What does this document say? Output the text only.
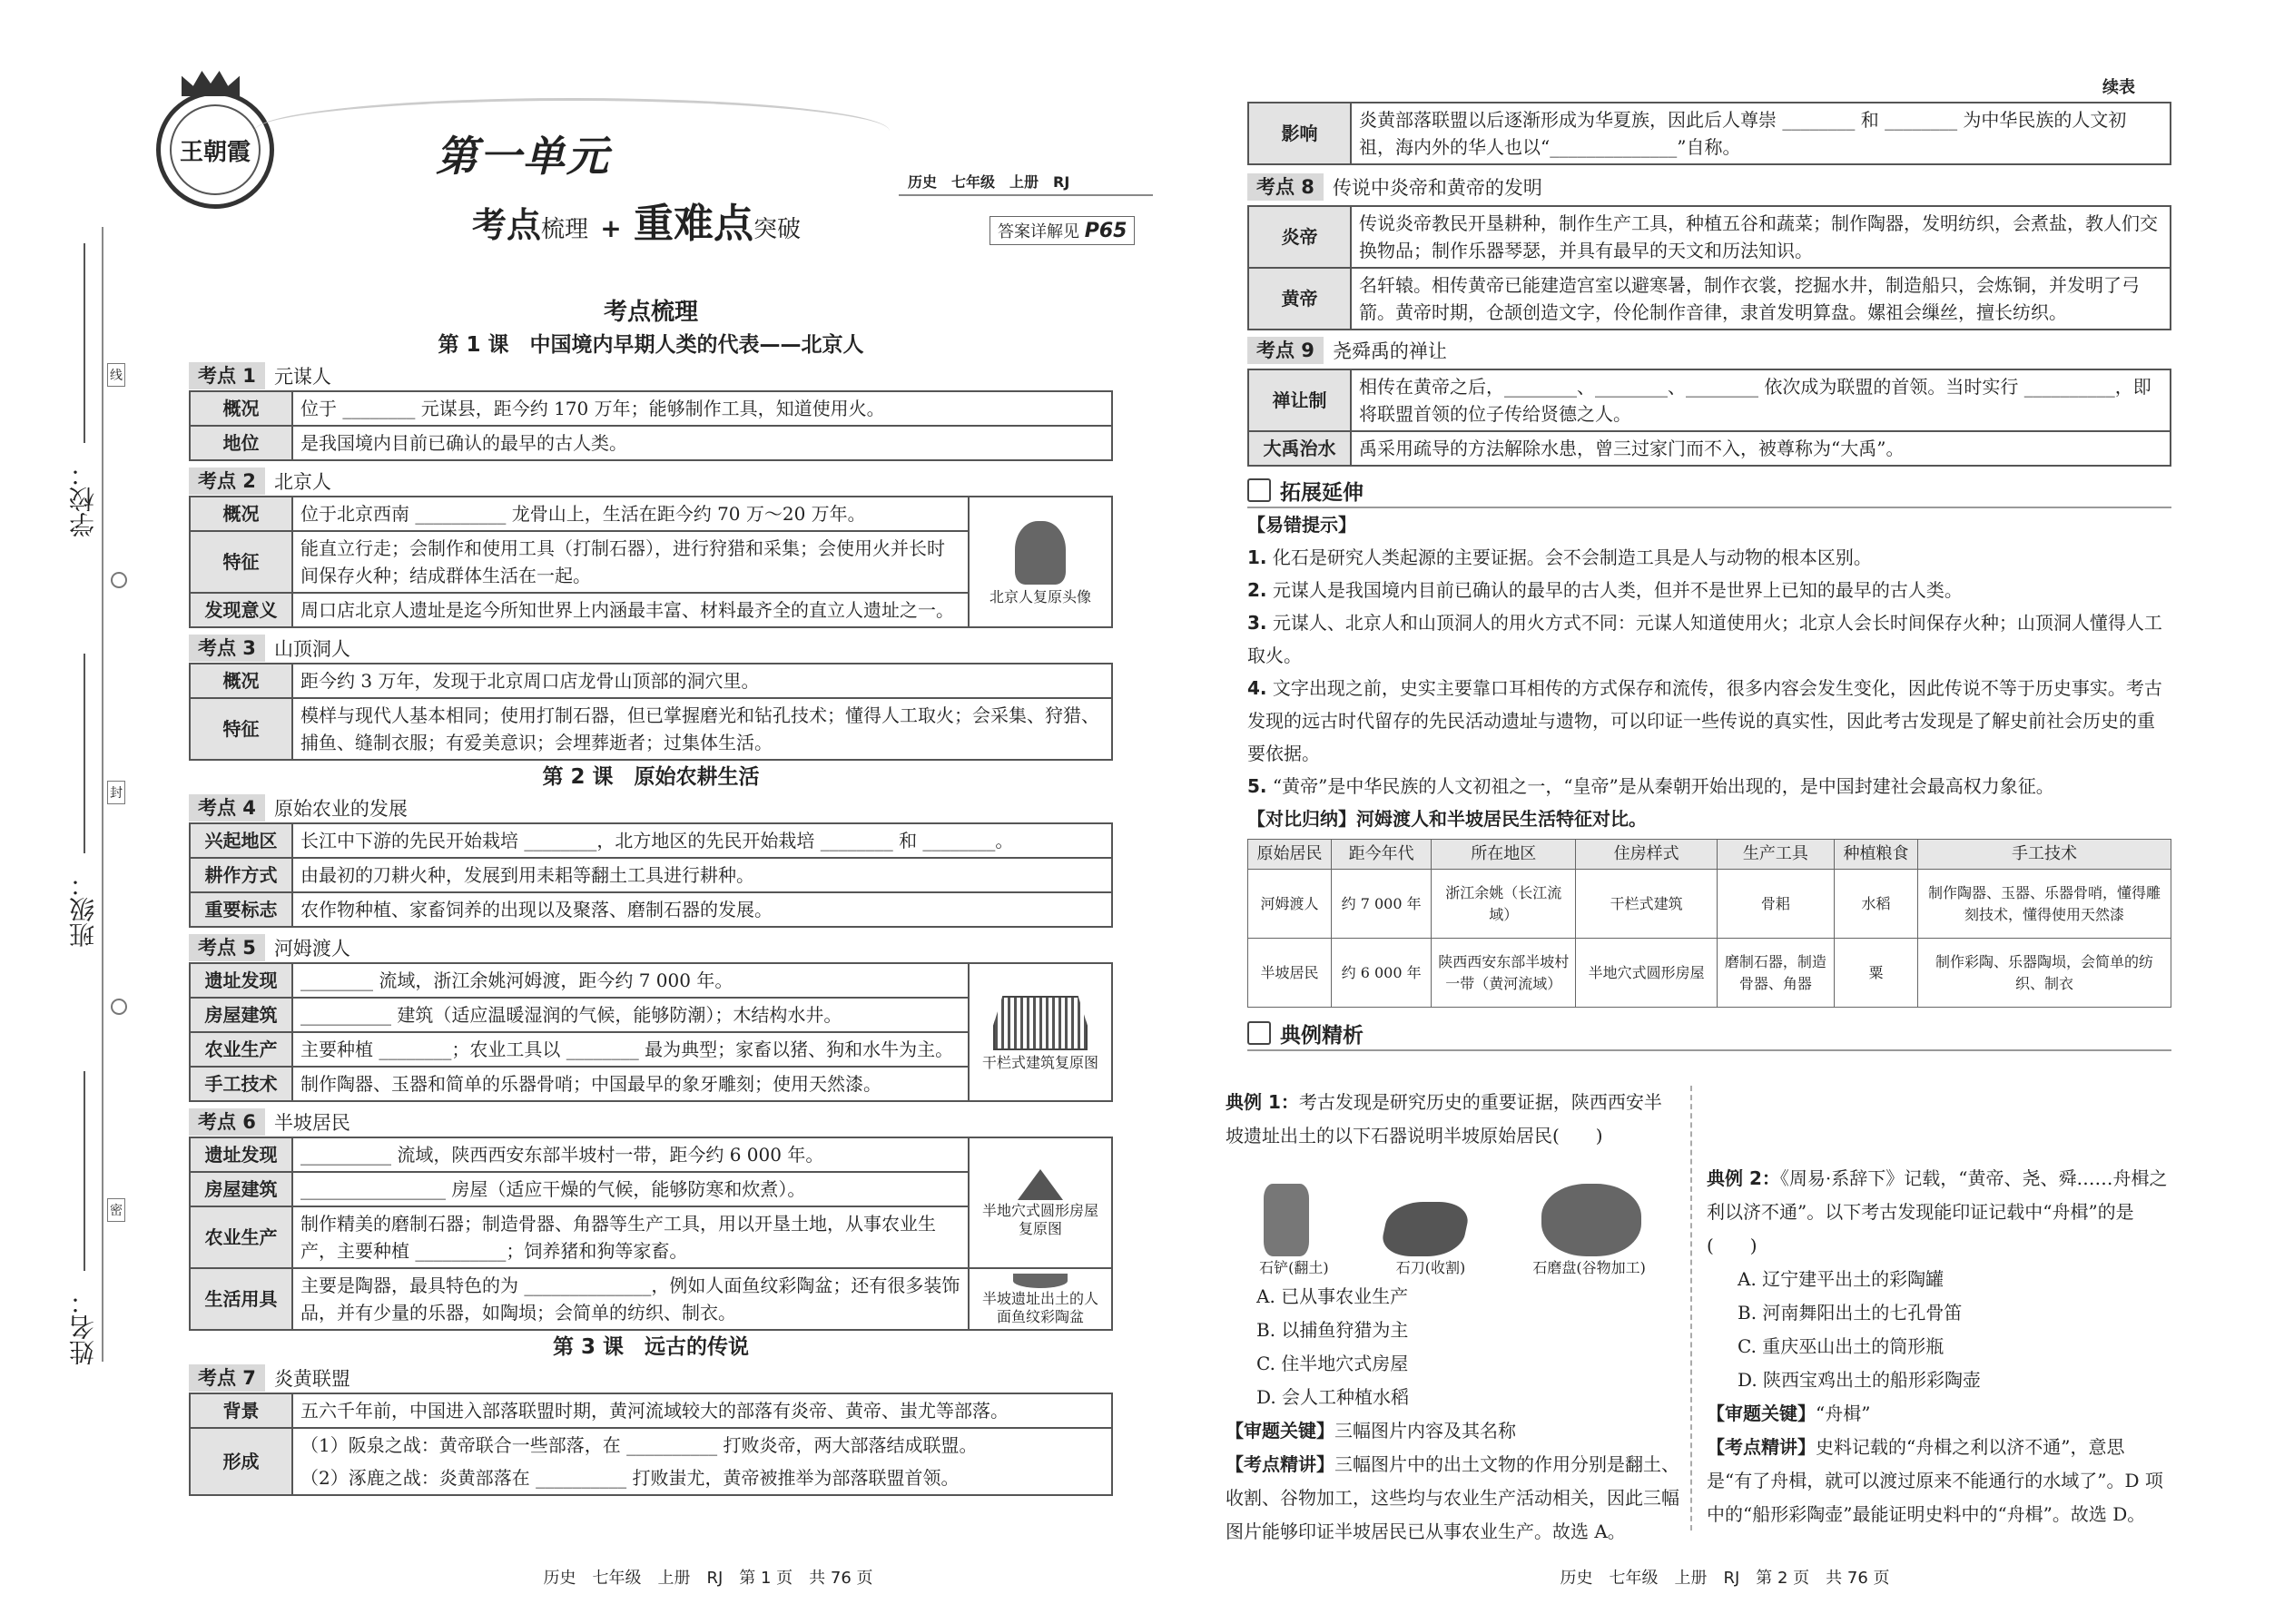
学校：
班级：
姓名：
线
封
密
王朝霞	第一单元
考点梳理 + 重难点突破
历史　七年级　上册　RJ
答案详解见 P65
考点梳理
第 1 课　中国境内早期人类的代表——北京人
考点 1 元谋人
概况	位于 ________ 元谋县，距今约 170 万年；能够制作工具，知道使用火。
地位	是我国境内目前已确认的最早的古人类。
考点 2 北京人
概况	位于北京西南 __________ 龙骨山上，生活在距今约 70 万～20 万年。	北京人复原头像

特征	能直立行走；会制作和使用工具（打制石器），进行狩猎和采集；会使用火并长时间保存火种；结成群体生活在一起。	
发现意义	周口店北京人遗址是迄今所知世界上内涵最丰富、材料最齐全的直立人遗址之一。	
考点 3 山顶洞人
概况	距今约 3 万年，发现于北京周口店龙骨山顶部的洞穴里。
特征	模样与现代人基本相同；使用打制石器，但已掌握磨光和钻孔技术；懂得人工取火；会采集、狩猎、捕鱼、缝制衣服；有爱美意识；会埋葬逝者；过集体生活。
第 2 课　原始农耕生活
考点 4 原始农业的发展
兴起地区	长江中下游的先民开始栽培 ________，北方地区的先民开始栽培 ________ 和 ________。
耕作方式	由最初的刀耕火种，发展到用耒耜等翻土工具进行耕种。
重要标志	农作物种植、家畜饲养的出现以及聚落、磨制石器的发展。
考点 5 河姆渡人
遗址发现	________ 流域，浙江余姚河姆渡，距今约 7 000 年。	干栏式建筑复原图

房屋建筑	__________ 建筑（适应温暖湿润的气候，能够防潮）；木结构水井。	
农业生产	主要种植 ________；农业工具以 ________ 最为典型；家畜以猪、狗和水牛为主。	
手工技术	制作陶器、玉器和简单的乐器骨哨；中国最早的象牙雕刻；使用天然漆。	
考点 6 半坡居民
遗址发现	__________ 流域，陕西西安东部半坡村一带，距今约 6 000 年。	半地穴式圆形房屋复原图

房屋建筑	________________ 房屋（适应干燥的气候，能够防寒和炊煮）。	
农业生产	制作精美的磨制石器；制造骨器、角器等生产工具，用以开垦土地，从事农业生产，主要种植 __________；饲养猪和狗等家畜。	
生活用具	主要是陶器，最具特色的为 ______________，例如人面鱼纹彩陶盆；还有很多装饰品，并有少量的乐器，如陶埙；会简单的纺织、制衣。	半坡遗址出土的人面鱼纹彩陶盆
第 3 课　远古的传说
考点 7 炎黄联盟
背景	五六千年前，中国进入部落联盟时期，黄河流域较大的部落有炎帝、黄帝、蚩尤等部落。
形成	（1）阪泉之战：黄帝联合一些部落，在 __________ 打败炎帝，两大部落结成联盟。
	（2）涿鹿之战：炎黄部落在 __________ 打败蚩尤，黄帝被推举为部落联盟首领。
历史　七年级　上册　RJ　第 1 页　共 76 页
续表
影响	炎黄部落联盟以后逐渐形成为华夏族，因此后人尊崇 ________ 和 ________ 为中华民族的人文初祖，海内外的华人也以“______________”自称。
考点 8 传说中炎帝和黄帝的发明
炎帝	传说炎帝教民开垦耕种，制作生产工具，种植五谷和蔬菜；制作陶器，发明纺织，会煮盐，教人们交换物品；制作乐器琴瑟，并具有最早的天文和历法知识。
黄帝	名轩辕。相传黄帝已能建造宫室以避寒暑，制作衣裳，挖掘水井，制造船只，会炼铜，并发明了弓箭。黄帝时期，仓颉创造文字，伶伦制作音律，隶首发明算盘。嫘祖会缫丝，擅长纺织。
考点 9 尧舜禹的禅让
禅让制	相传在黄帝之后，________、________、________ 依次成为联盟的首领。当时实行 __________，即将联盟首领的位子传给贤德之人。
大禹治水	禹采用疏导的方法解除水患，曾三过家门而不入，被尊称为“大禹”。
拓展延伸
【易错提示】
1. 化石是研究人类起源的主要证据。会不会制造工具是人与动物的根本区别。
2. 元谋人是我国境内目前已确认的最早的古人类，但并不是世界上已知的最早的古人类。
3. 元谋人、北京人和山顶洞人的用火方式不同：元谋人知道使用火；北京人会长时间保存火种；山顶洞人懂得人工取火。
4. 文字出现之前，史实主要靠口耳相传的方式保存和流传，很多内容会发生变化，因此传说不等于历史事实。考古发现的远古时代留存的先民活动遗址与遗物，可以印证一些传说的真实性，因此考古发现是了解史前社会历史的重要依据。
5. “黄帝”是中华民族的人文初祖之一，“皇帝”是从秦朝开始出现的，是中国封建社会最高权力象征。
【对比归纳】河姆渡人和半坡居民生活特征对比。
原始居民	距今年代	所在地区	住房样式	生产工具	种植粮食	手工技术
河姆渡人	约 7 000 年	浙江余姚（长江流域）	干栏式建筑	骨耜	水稻	制作陶器、玉器、乐器骨哨，懂得雕刻技术，懂得使用天然漆
半坡居民	约 6 000 年	陕西西安东部半坡村一带（黄河流域）	半地穴式圆形房屋	磨制石器，制造骨器、角器	粟	制作彩陶、乐器陶埙，会简单的纺织、制衣
典例精析
典例 1：考古发现是研究历史的重要证据，陕西西安半坡遗址出土的以下石器说明半坡原始居民(　　)
石铲(翻土)	石刀(收割)	石磨盘(谷物加工)
A. 已从事农业生产
B. 以捕鱼狩猎为主
C. 住半地穴式房屋
D. 会人工种植水稻
【审题关键】三幅图片内容及其名称
【考点精讲】三幅图片中的出土文物的作用分别是翻土、收割、谷物加工，这些均与农业生产活动相关，因此三幅图片能够印证半坡居民已从事农业生产。故选 A。
典例 2：《周易·系辞下》记载，“黄帝、尧、舜……舟楫之利以济不通”。以下考古发现能印证记载中“舟楫”的是(　　)
A. 辽宁建平出土的彩陶罐
B. 河南舞阳出土的七孔骨笛
C. 重庆巫山出土的筒形瓶
D. 陕西宝鸡出土的船形彩陶壶
【审题关键】“舟楫”
【考点精讲】史料记载的“舟楫之利以济不通”，意思是“有了舟楫，就可以渡过原来不能通行的水域了”。D 项中的“船形彩陶壶”最能证明史料中的“舟楫”。故选 D。
历史　七年级　上册　RJ　第 2 页　共 76 页
